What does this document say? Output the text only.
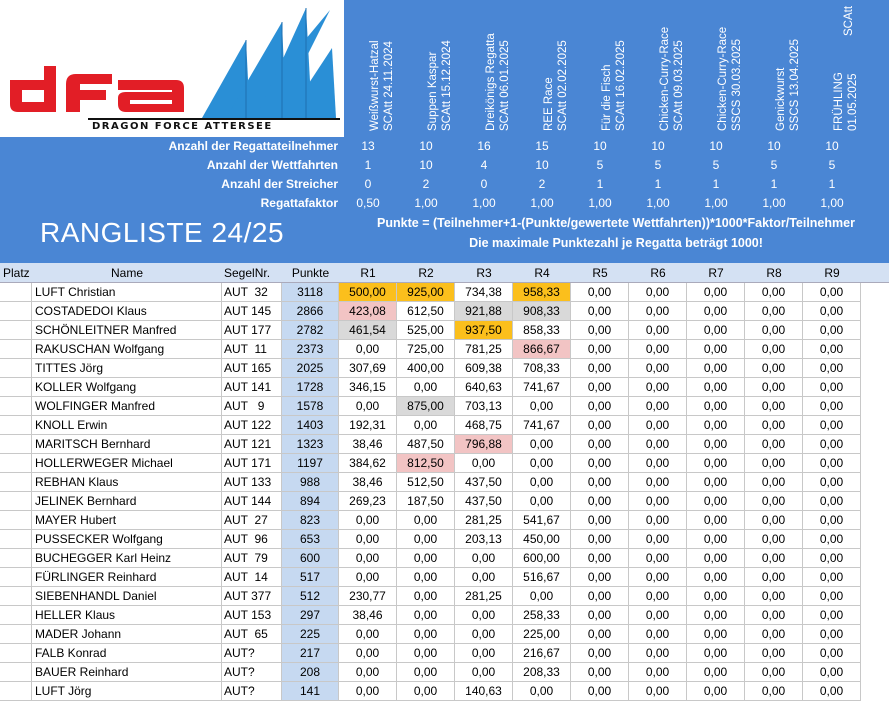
DRAGON FORCE ATTERSEE	Weißwurst-Hatzal SCAtt 24.11.2024	Suppen Kaspar SCAtt 15.12.2024	Dreikönigs Regatta SCAtt 06.01.2025	REE Race SCAtt 02.02.2025	Für die Fisch SCAtt 16.02.2025	Chicken-Curry-Race SCAtt 09.03.2025	Chicken-Curry-Race SSCS 30.03.2025	Genickwurst SSCS 13.04.2025
SCAtt
FRÜHLING 01.05.2025
Anzahl der Regattateilnehmer	13	10	16	15	10	10	10	10	10
Anzahl der Wettfahrten	1	10	4	10	5	5	5	5	5
Anzahl der Streicher	0	2	0	2	1	1	1	1	1
Regattafaktor	0,50	1,00	1,00	1,00	1,00	1,00	1,00	1,00	1,00
RANGLISTE 24/25	Punkte = (Teilnehmer+1-(Punkte/gewertete Wettfahrten))*1000*Faktor/Teilnehmer
Die maximale Punktezahl je Regatta beträgt 1000!
Platz	Name	SegelNr.	Punkte	R1	R2	R3	R4	R5	R6	R7	R8	R9
LUFT Christian	AUT  32	3118	500,00	925,00	734,38	958,33	0,00	0,00	0,00	0,00	0,00
COSTADEDOI Klaus	AUT 145	2866	423,08	612,50	921,88	908,33	0,00	0,00	0,00	0,00	0,00
SCHÖNLEITNER Manfred	AUT 177	2782	461,54	525,00	937,50	858,33	0,00	0,00	0,00	0,00	0,00
RAKUSCHAN Wolfgang	AUT  11	2373	0,00	725,00	781,25	866,67	0,00	0,00	0,00	0,00	0,00
TITTES Jörg	AUT 165	2025	307,69	400,00	609,38	708,33	0,00	0,00	0,00	0,00	0,00
KOLLER Wolfgang	AUT 141	1728	346,15	0,00	640,63	741,67	0,00	0,00	0,00	0,00	0,00
WOLFINGER Manfred	AUT   9	1578	0,00	875,00	703,13	0,00	0,00	0,00	0,00	0,00	0,00
KNOLL Erwin	AUT 122	1403	192,31	0,00	468,75	741,67	0,00	0,00	0,00	0,00	0,00
MARITSCH Bernhard	AUT 121	1323	38,46	487,50	796,88	0,00	0,00	0,00	0,00	0,00	0,00
HOLLERWEGER Michael	AUT 171	1197	384,62	812,50	0,00	0,00	0,00	0,00	0,00	0,00	0,00
REBHAN Klaus	AUT 133	988	38,46	512,50	437,50	0,00	0,00	0,00	0,00	0,00	0,00
JELINEK Bernhard	AUT 144	894	269,23	187,50	437,50	0,00	0,00	0,00	0,00	0,00	0,00
MAYER Hubert	AUT  27	823	0,00	0,00	281,25	541,67	0,00	0,00	0,00	0,00	0,00
PUSSECKER Wolfgang	AUT  96	653	0,00	0,00	203,13	450,00	0,00	0,00	0,00	0,00	0,00
BUCHEGGER Karl Heinz	AUT  79	600	0,00	0,00	0,00	600,00	0,00	0,00	0,00	0,00	0,00
FÜRLINGER Reinhard	AUT  14	517	0,00	0,00	0,00	516,67	0,00	0,00	0,00	0,00	0,00
SIEBENHANDL Daniel	AUT 377	512	230,77	0,00	281,25	0,00	0,00	0,00	0,00	0,00	0,00
HELLER Klaus	AUT 153	297	38,46	0,00	0,00	258,33	0,00	0,00	0,00	0,00	0,00
MADER Johann	AUT  65	225	0,00	0,00	0,00	225,00	0,00	0,00	0,00	0,00	0,00
FALB Konrad	AUT?	217	0,00	0,00	0,00	216,67	0,00	0,00	0,00	0,00	0,00
BAUER Reinhard	AUT?	208	0,00	0,00	0,00	208,33	0,00	0,00	0,00	0,00	0,00
LUFT Jörg	AUT?	141	0,00	0,00	140,63	0,00	0,00	0,00	0,00	0,00	0,00
